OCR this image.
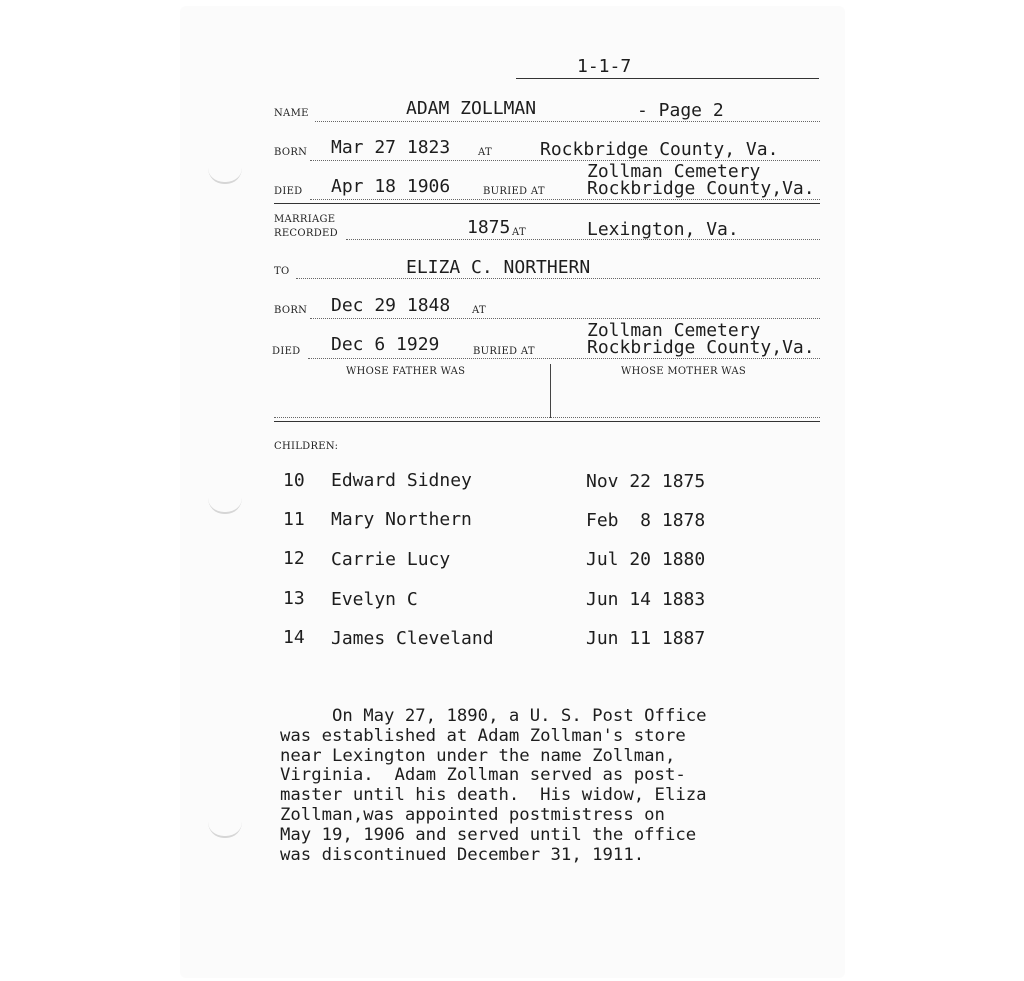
1-1-7
NAME	ADAM ZOLLMAN	- Page 2
BORN Mar 27 1823	AT	Rockbridge County, Va.
DIED Apr 18 1906	BURIED AT
Zollman Cemetery
Rockbridge County,Va.
MARRIAGE
RECORDED	1875 AT	Lexington, Va.
TO	ELIZA C. NORTHERN
BORN Dec 29 1848 AT
DIED Dec 6 1929	BURIED AT
Zollman Cemetery
Rockbridge County,Va.
WHOSE FATHER WAS	WHOSE MOTHER WAS
CHILDREN:
10 Edward Sidney	Nov 22 1875
11 Mary Northern	Feb  8 1878
12 Carrie Lucy	Jul 20 1880
13 Evelyn C	Jun 14 1883
14 James Cleveland	Jun 11 1887
On May 27, 1890, a U. S. Post Office
was established at Adam Zollman's store
near Lexington under the name Zollman,
Virginia.  Adam Zollman served as post-
master until his death.  His widow, Eliza
Zollman,was appointed postmistress on
May 19, 1906 and served until the office
was discontinued December 31, 1911.
